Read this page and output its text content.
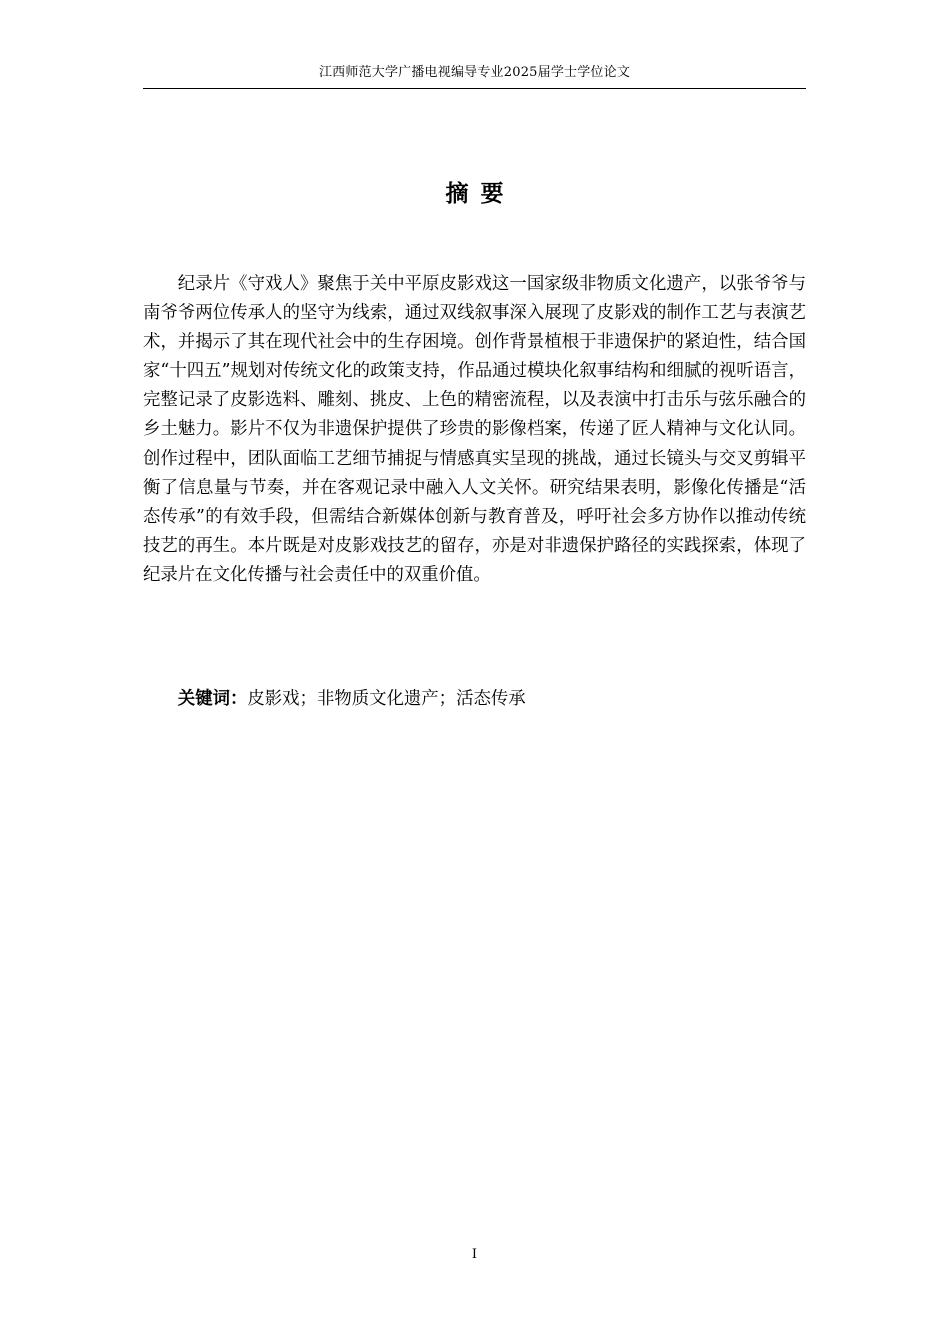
江西师范大学广播电视编导专业2025届学士学位论文
摘要

纪录片《守戏人》聚焦于关中平原皮影戏这一国家级非物质文化遗产，以张爷爷与南爷爷两位传承人的坚守为线索，通过双线叙事深入展现了皮影戏的制作工艺与表演艺术，并揭示了其在现代社会中的生存困境。创作背景植根于非遗保护的紧迫性，结合国家“十四五”规划对传统文化的政策支持，作品通过模块化叙事结构和细腻的视听语言，完整记录了皮影选料、雕刻、挑皮、上色的精密流程，以及表演中打击乐与弦乐融合的乡土魅力。影片不仅为非遗保护提供了珍贵的影像档案，传递了匠人精神与文化认同。创作过程中，团队面临工艺细节捕捉与情感真实呈现的挑战，通过长镜头与交叉剪辑平衡了信息量与节奏，并在客观记录中融入人文关怀。研究结果表明，影像化传播是“活态传承”的有效手段，但需结合新媒体创新与教育普及，呼吁社会多方协作以推动传统技艺的再生。本片既是对皮影戏技艺的留存，亦是对非遗保护路径的实践探索，体现了纪录片在文化传播与社会责任中的双重价值。

关键词：皮影戏；非物质文化遗产；活态传承
I
